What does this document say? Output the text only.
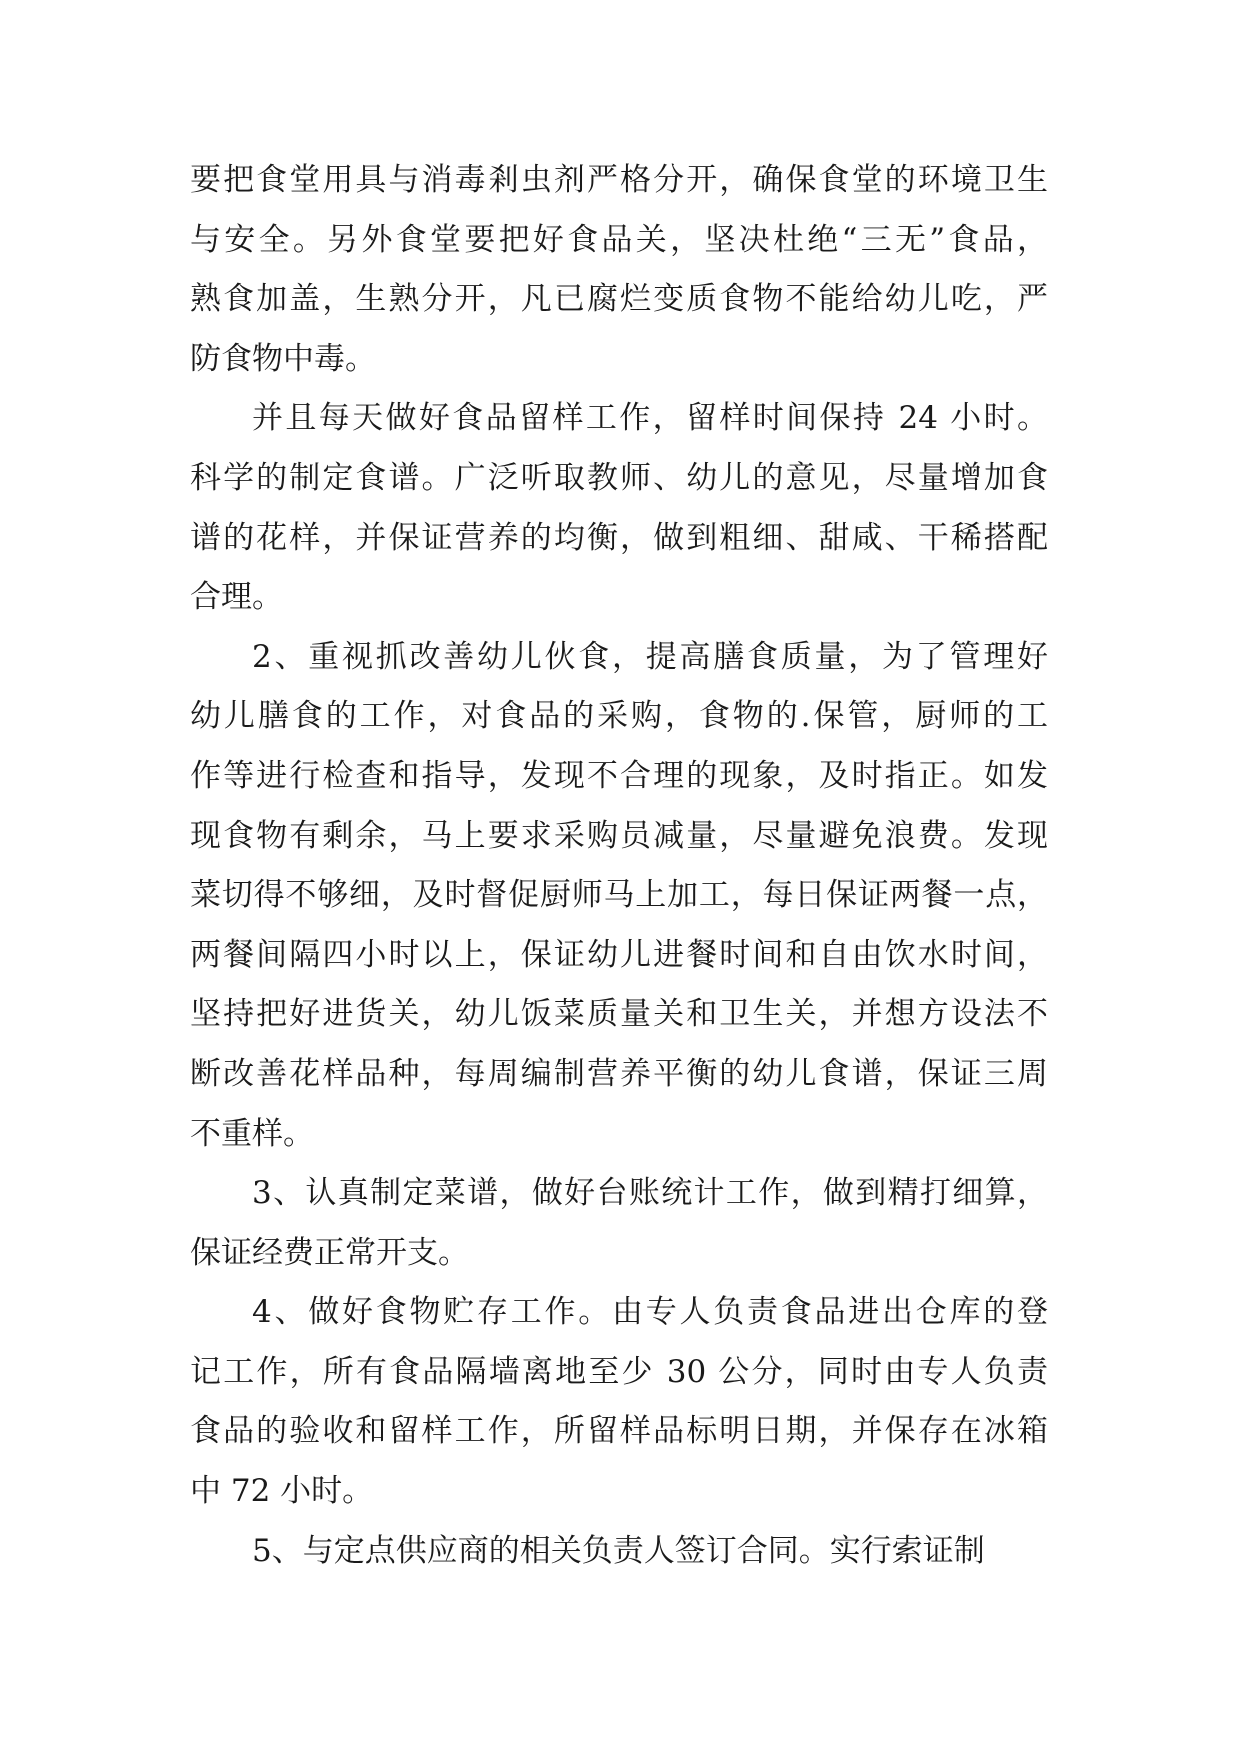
要把食堂用具与消毒剎虫剂严格分开，确保食堂的环境卫生
与安全。另外食堂要把好食品关，坚决杜绝“三无”食品，
熟食加盖，生熟分开，凡已腐烂变质食物不能给幼儿吃，严
防食物中毒。
并且每天做好食品留样工作，留样时间保持 24 小时。
科学的制定食谱。广泛听取教师、幼儿的意见，尽量增加食
谱的花样，并保证营养的均衡，做到粗细、甜咸、干稀搭配
合理。
2、重视抓改善幼儿伙食，提高膳食质量，为了管理好
幼儿膳食的工作，对食品的采购，食物的.保管，厨师的工
作等进行检查和指导，发现不合理的现象，及时指正。如发
现食物有剩余，马上要求采购员减量，尽量避免浪费。发现
菜切得不够细，及时督促厨师马上加工，每日保证两餐一点，
两餐间隔四小时以上，保证幼儿进餐时间和自由饮水时间，
坚持把好进货关，幼儿饭菜质量关和卫生关，并想方设法不
断改善花样品种，每周编制营养平衡的幼儿食谱，保证三周
不重样。
3、认真制定菜谱，做好台账统计工作，做到精打细算，
保证经费正常开支。
4、做好食物贮存工作。由专人负责食品进出仓库的登
记工作，所有食品隔墙离地至少 30 公分，同时由专人负责
食品的验收和留样工作，所留样品标明日期，并保存在冰箱
中 72 小时。
5、与定点供应商的相关负责人签订合同。实行索证制
